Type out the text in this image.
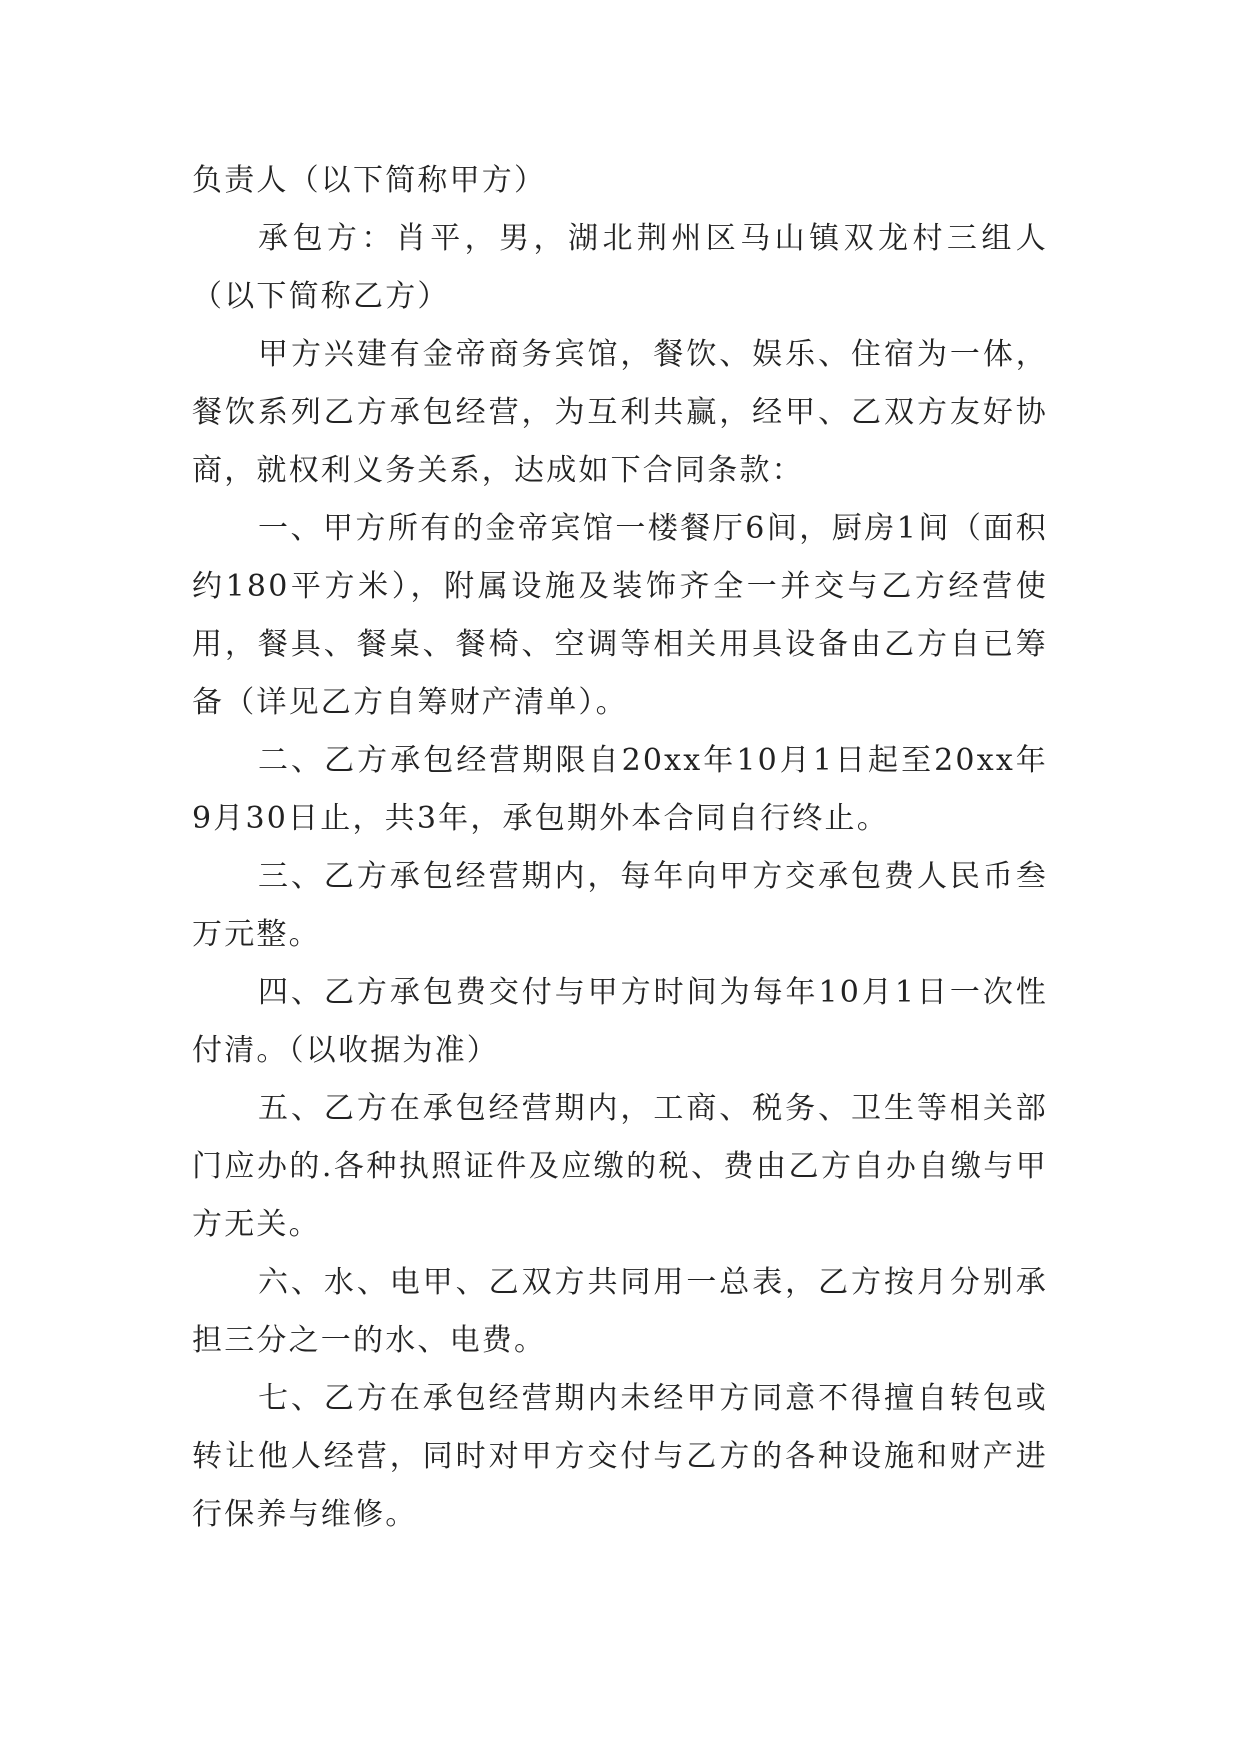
负责人（以下简称甲方）

承包方：肖平，男，湖北荆州区马山镇双龙村三组人（以下简称乙方）

甲方兴建有金帝商务宾馆，餐饮、娱乐、住宿为一体，餐饮系列乙方承包经营，为互利共赢，经甲、乙双方友好协商，就权利义务关系，达成如下合同条款：

一、甲方所有的金帝宾馆一楼餐厅6间，厨房1间（面积约180平方米），附属设施及装饰齐全一并交与乙方经营使用，餐具、餐桌、餐椅、空调等相关用具设备由乙方自已筹备（详见乙方自筹财产清单）。

二、乙方承包经营期限自20xx年10月1日起至20xx年9月30日止，共3年，承包期外本合同自行终止。

三、乙方承包经营期内，每年向甲方交承包费人民币叁万元整。

四、乙方承包费交付与甲方时间为每年10月1日一次性付清。（以收据为准）

五、乙方在承包经营期内，工商、税务、卫生等相关部门应办的.各种执照证件及应缴的税、费由乙方自办自缴与甲方无关。

六、水、电甲、乙双方共同用一总表，乙方按月分别承担三分之一的水、电费。

七、乙方在承包经营期内未经甲方同意不得擅自转包或转让他人经营，同时对甲方交付与乙方的各种设施和财产进行保养与维修。
